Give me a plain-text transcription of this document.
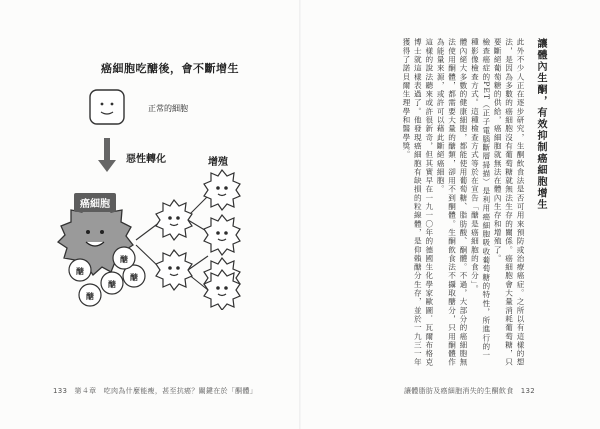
癌細胞吃醣後，會不斷增生
正常的細胞
惡性轉化	增殖
癌細胞
醣
醣
醣
醣
醣
133　第４章　吃肉為什麼能瘦，甚至抗癌？關鍵在於「酮體」
讓體內生酮，有效抑制癌細胞增生
此外不少人正在逐步研究，生酮飲食法是否可用來預防或治療癌症。之所以有這樣的想法，是因為多數的癌細胞沒有葡萄糖就無法生存的關係。癌細胞會大量消耗葡萄糖，只要斷絕葡萄糖的供給，癌細胞就無法在體內生存和增殖了。
檢查癌症的PET（正子電腦斷層掃描）是利用癌細胞吸收葡萄糖的特性，所進行的一種影像檢查方式。這種檢查方式等於在宣告「醣是癌細胞的食分」。
體內絕大多數的健康細胞，都能使用葡萄糖、脂肪酸、酮體。不過，大部分的癌細胞無法使用酮體，都需要大量的醣類，卻用不到酮體。生酮飲食法不攝取醣分，只用酮體作為能量來源，或許可以藉此斷絕癌細胞。
這樣的說法聽來或許很新奇，但其實早在一九一〇年的德國生化學家歐圖．瓦爾布格克博士就這樣表過了。他發現癌細胞有缺損的粒線體，是仰賴醣分生存，並於一九三一年獲得了諾貝爾生理學和醫學獎。
讓體脂肪及癌細胞消失的生酮飲食　132
